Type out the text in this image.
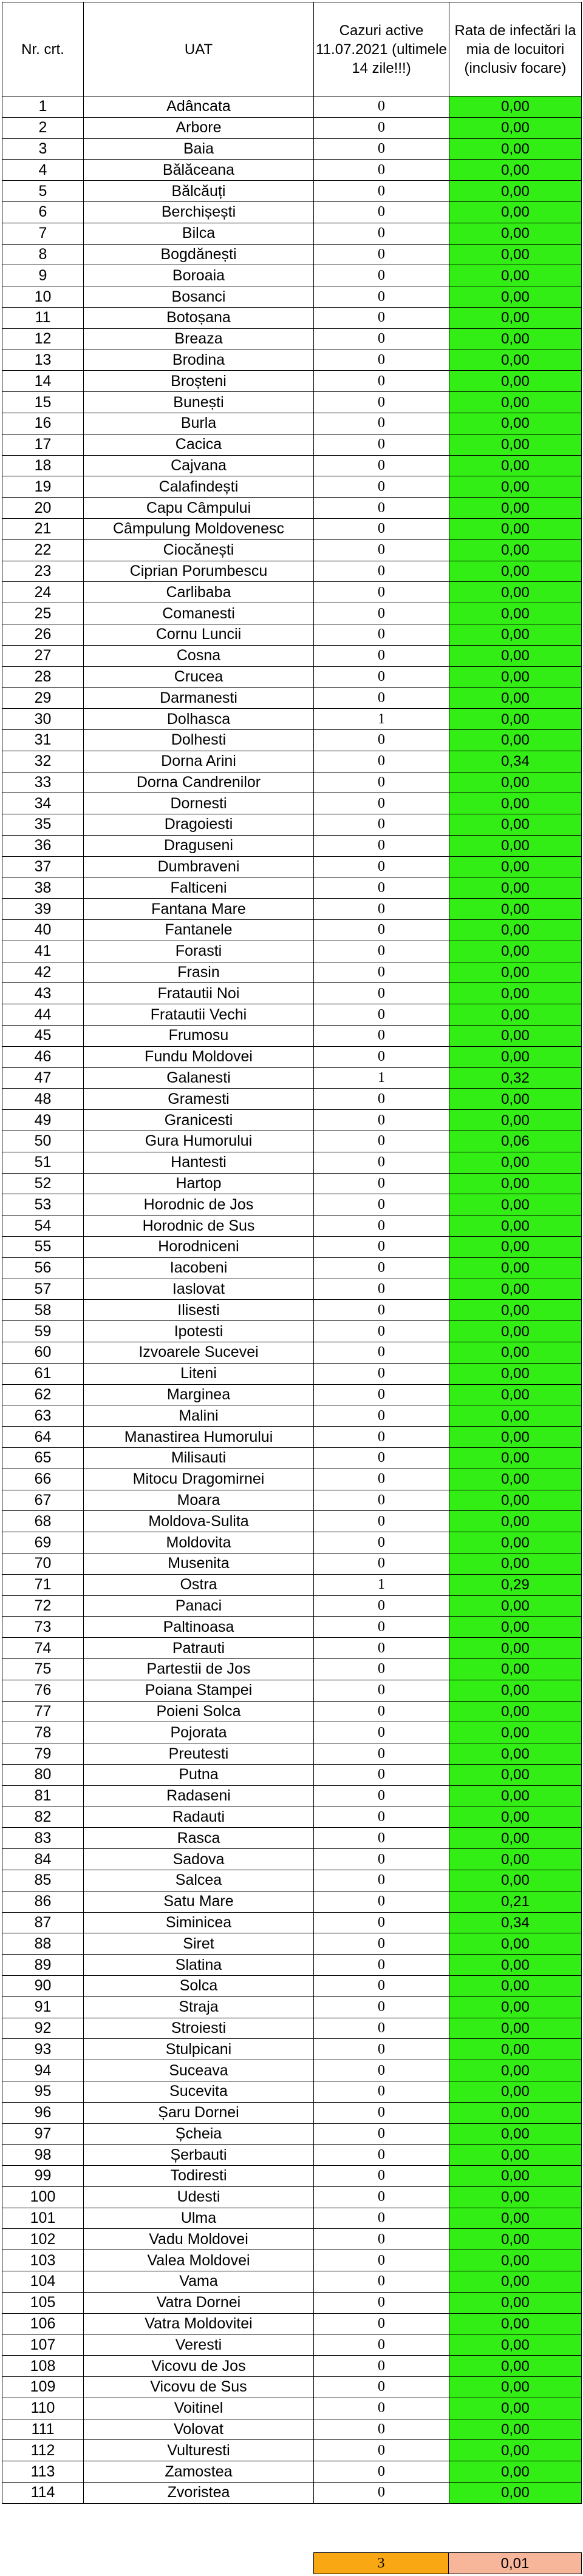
Nr. crt.	UAT	Cazuri active 11.07.2021 (ultimele 14 zile!!!)	Rata de infectări la mia de locuitori (inclusiv focare)
1	Adâncata	0	0,00
2	Arbore	0	0,00
3	Baia	0	0,00
4	Bălăceana	0	0,00
5	Bălcăuți	0	0,00
6	Berchișești	0	0,00
7	Bilca	0	0,00
8	Bogdănești	0	0,00
9	Boroaia	0	0,00
10	Bosanci	0	0,00
11	Botoșana	0	0,00
12	Breaza	0	0,00
13	Brodina	0	0,00
14	Broșteni	0	0,00
15	Bunești	0	0,00
16	Burla	0	0,00
17	Cacica	0	0,00
18	Cajvana	0	0,00
19	Calafindești	0	0,00
20	Capu Câmpului	0	0,00
21	Câmpulung Moldovenesc	0	0,00
22	Ciocănești	0	0,00
23	Ciprian Porumbescu	0	0,00
24	Carlibaba	0	0,00
25	Comanesti	0	0,00
26	Cornu Luncii	0	0,00
27	Cosna	0	0,00
28	Crucea	0	0,00
29	Darmanesti	0	0,00
30	Dolhasca	1	0,00
31	Dolhesti	0	0,00
32	Dorna Arini	0	0,34
33	Dorna Candrenilor	0	0,00
34	Dornesti	0	0,00
35	Dragoiesti	0	0,00
36	Draguseni	0	0,00
37	Dumbraveni	0	0,00
38	Falticeni	0	0,00
39	Fantana Mare	0	0,00
40	Fantanele	0	0,00
41	Forasti	0	0,00
42	Frasin	0	0,00
43	Fratautii Noi	0	0,00
44	Fratautii Vechi	0	0,00
45	Frumosu	0	0,00
46	Fundu Moldovei	0	0,00
47	Galanesti	1	0,32
48	Gramesti	0	0,00
49	Granicesti	0	0,00
50	Gura Humorului	0	0,06
51	Hantesti	0	0,00
52	Hartop	0	0,00
53	Horodnic de Jos	0	0,00
54	Horodnic de Sus	0	0,00
55	Horodniceni	0	0,00
56	Iacobeni	0	0,00
57	Iaslovat	0	0,00
58	Ilisesti	0	0,00
59	Ipotesti	0	0,00
60	Izvoarele Sucevei	0	0,00
61	Liteni	0	0,00
62	Marginea	0	0,00
63	Malini	0	0,00
64	Manastirea Humorului	0	0,00
65	Milisauti	0	0,00
66	Mitocu Dragomirnei	0	0,00
67	Moara	0	0,00
68	Moldova-Sulita	0	0,00
69	Moldovita	0	0,00
70	Musenita	0	0,00
71	Ostra	1	0,29
72	Panaci	0	0,00
73	Paltinoasa	0	0,00
74	Patrauti	0	0,00
75	Partestii de Jos	0	0,00
76	Poiana Stampei	0	0,00
77	Poieni Solca	0	0,00
78	Pojorata	0	0,00
79	Preutesti	0	0,00
80	Putna	0	0,00
81	Radaseni	0	0,00
82	Radauti	0	0,00
83	Rasca	0	0,00
84	Sadova	0	0,00
85	Salcea	0	0,00
86	Satu Mare	0	0,21
87	Siminicea	0	0,34
88	Siret	0	0,00
89	Slatina	0	0,00
90	Solca	0	0,00
91	Straja	0	0,00
92	Stroiesti	0	0,00
93	Stulpicani	0	0,00
94	Suceava	0	0,00
95	Sucevita	0	0,00
96	Șaru Dornei	0	0,00
97	Șcheia	0	0,00
98	Șerbauti	0	0,00
99	Todiresti	0	0,00
100	Udesti	0	0,00
101	Ulma	0	0,00
102	Vadu Moldovei	0	0,00
103	Valea Moldovei	0	0,00
104	Vama	0	0,00
105	Vatra Dornei	0	0,00
106	Vatra Moldovitei	0	0,00
107	Veresti	0	0,00
108	Vicovu de Jos	0	0,00
109	Vicovu de Sus	0	0,00
110	Voitinel	0	0,00
111	Volovat	0	0,00
112	Vulturesti	0	0,00
113	Zamostea	0	0,00
114	Zvoristea	0	0,00
3	0,01
